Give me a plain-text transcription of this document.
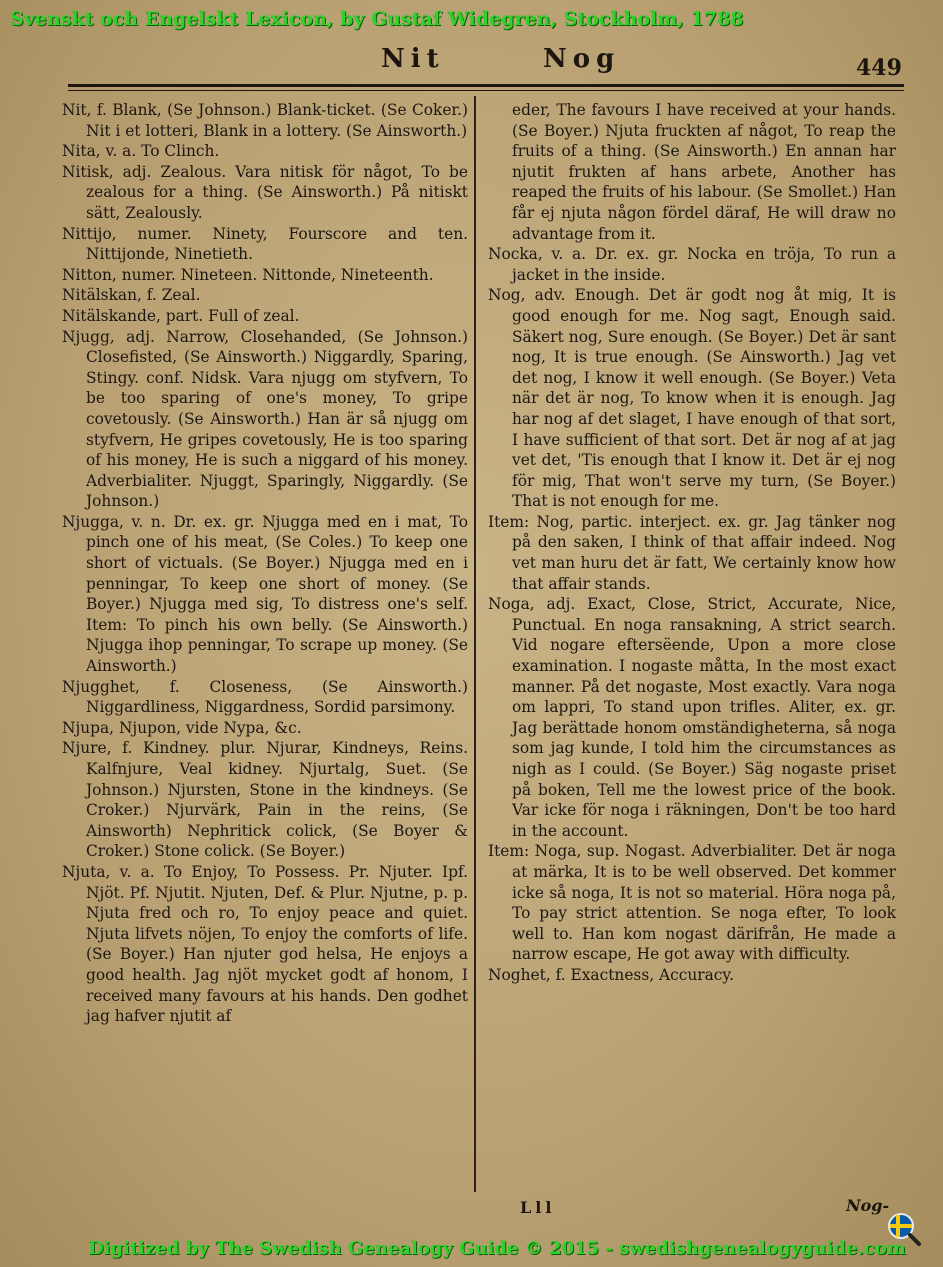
Svenskt och Engelskt Lexicon, by Gustaf Widegren, Stockholm, 1788
Nit	Nog	449

Nit, f. Blank, (Se Johnson.) Blank-ticket. (Se Coker.) Nit i et lotteri, Blank in a lottery. (Se Ainsworth.)

Nita, v. a. To Clinch.

Nitisk, adj. Zealous. Vara nitisk för något, To be zealous for a thing. (Se Ainsworth.) På nitiskt sätt, Zealously.

Nittijo, numer. Ninety, Fourscore and ten. Nittijonde, Ninetieth.

Nitton, numer. Nineteen. Nittonde, Nineteenth.

Nitälskan, f. Zeal.

Nitälskande, part. Full of zeal.

Njugg, adj. Narrow, Closehanded, (Se Johnson.) Closefisted, (Se Ainsworth.) Niggardly, Sparing, Stingy. conf. Nidsk. Vara njugg om styfvern, To be too sparing of one's money, To gripe covetously. (Se Ainsworth.) Han är så njugg om styfvern, He gripes covetously, He is too sparing of his money, He is such a niggard of his money. Adverbialiter. Njuggt, Sparingly, Niggardly. (Se Johnson.)

Njugga, v. n. Dr. ex. gr. Njugga med en i mat, To pinch one of his meat, (Se Coles.) To keep one short of victuals. (Se Boyer.) Njugga med en i penningar, To keep one short of money. (Se Boyer.) Njugga med sig, To distress one's self. Item: To pinch his own belly. (Se Ainsworth.) Njugga ihop penningar, To scrape up money. (Se Ainsworth.)

Njugghet, f. Closeness, (Se Ainsworth.) Niggardliness, Niggardness, Sordid parsimony.

Njupa, Njupon, vide Nypa, &c.

Njure, f. Kindney. plur. Njurar, Kindneys, Reins. Kalfnjure, Veal kidney. Njurtalg, Suet. (Se Johnson.) Njursten, Stone in the kindneys. (Se Croker.) Njurvärk, Pain in the reins, (Se Ainsworth) Nephritick colick, (Se Boyer & Croker.) Stone colick. (Se Boyer.)

Njuta, v. a. To Enjoy, To Possess. Pr. Njuter. Ipf. Njöt. Pf. Njutit. Njuten, Def. & Plur. Njutne, p. p. Njuta fred och ro, To enjoy peace and quiet. Njuta lifvets nöjen, To enjoy the comforts of life. (Se Boyer.) Han njuter god helsa, He enjoys a good health. Jag njöt mycket godt af honom, I received many favours at his hands. Den godhet jag hafver njutit af

eder, The favours I have received at your hands. (Se Boyer.) Njuta fruckten af något, To reap the fruits of a thing. (Se Ainsworth.) En annan har njutit frukten af hans arbete, Another has reaped the fruits of his labour. (Se Smollet.) Han får ej njuta någon fördel däraf, He will draw no advantage from it.

Nocka, v. a. Dr. ex. gr. Nocka en tröja, To run a jacket in the inside.

Nog, adv. Enough. Det är godt nog åt mig, It is good enough for me. Nog sagt, Enough said. Säkert nog, Sure enough. (Se Boyer.) Det är sant nog, It is true enough. (Se Ainsworth.) Jag vet det nog, I know it well enough. (Se Boyer.) Veta när det är nog, To know when it is enough. Jag har nog af det slaget, I have enough of that sort, I have sufficient of that sort. Det är nog af at jag vet det, 'Tis enough that I know it. Det är ej nog för mig, That won't serve my turn, (Se Boyer.) That is not enough for me.

Item: Nog, partic. interject. ex. gr. Jag tänker nog på den saken, I think of that affair indeed. Nog vet man huru det är fatt, We certainly know how that affair stands.

Noga, adj. Exact, Close, Strict, Accurate, Nice, Punctual. En noga ransakning, A strict search. Vid nogare eftersëende, Upon a more close examination. I nogaste måtta, In the most exact manner. På det nogaste, Most exactly. Vara noga om lappri, To stand upon trifles. Aliter, ex. gr. Jag berättade honom omständigheterna, så noga som jag kunde, I told him the circumstances as nigh as I could. (Se Boyer.) Säg nogaste priset på boken, Tell me the lowest price of the book. Var icke för noga i räkningen, Don't be too hard in the account.

Item: Noga, sup. Nogast. Adverbialiter. Det är noga at märka, It is to be well observed. Det kommer icke så noga, It is not so material. Höra noga på, To pay strict attention. Se noga efter, To look well to. Han kom nogast därifrån, He made a narrow escape, He got away with difficulty.

Noghet, f. Exactness, Accuracy.

Lll	Nog-
Digitized by The Swedish Genealogy Guide © 2015 - swedishgenealogyguide.com
